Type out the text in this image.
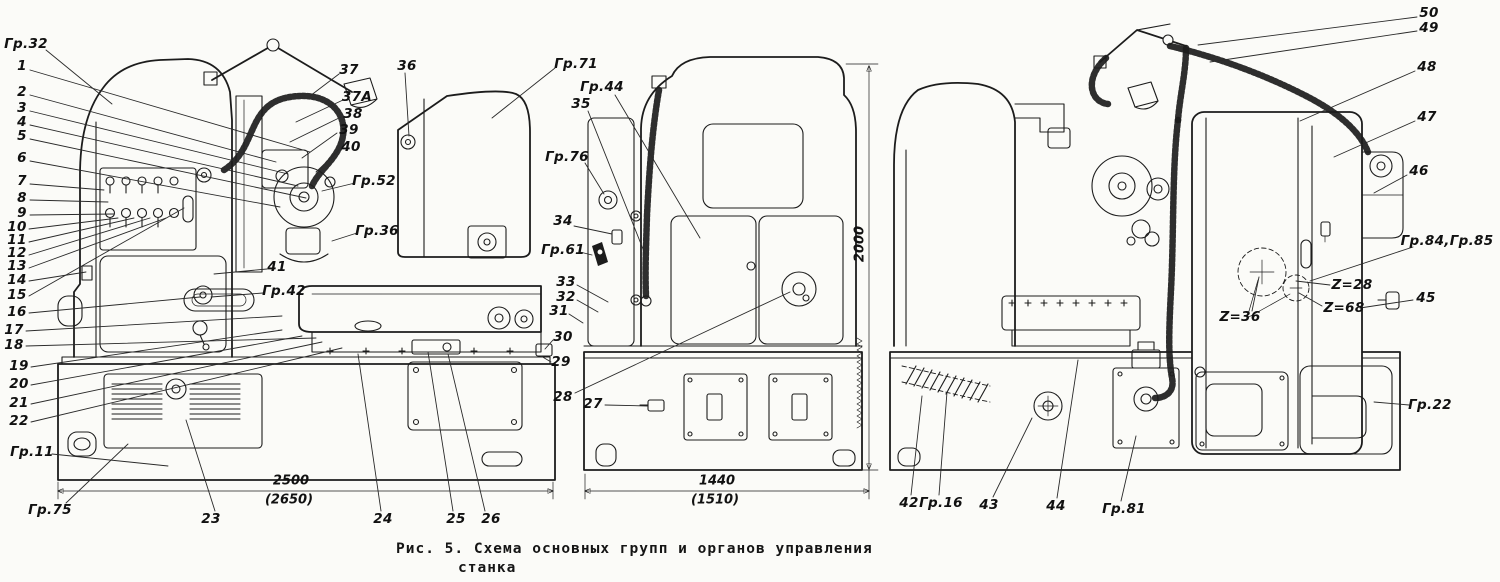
Гр.32
1
2
3
4
5
6
7
8
9
10
11
12
13
14
15
16
17
18
19
20
21
22
Гр.11
Гр.75
37
37А
38
39
40
36
Гр.52
Гр.36
41
Гр.42
23	24	25 26
Гр.71
Гр.44
35
Гр.76
34
Гр.61
33
32
31
30
29
28 27
50
49
48
47
46
Гр.84,Гр.85
Z=28
45
Z=68
Z=36
Гр.22
42 Гр.16 43	44	Гр.81
2500
(2650)
1440
(1510)
2000
Рис. 5. Схема основных групп и органов управления
станка
